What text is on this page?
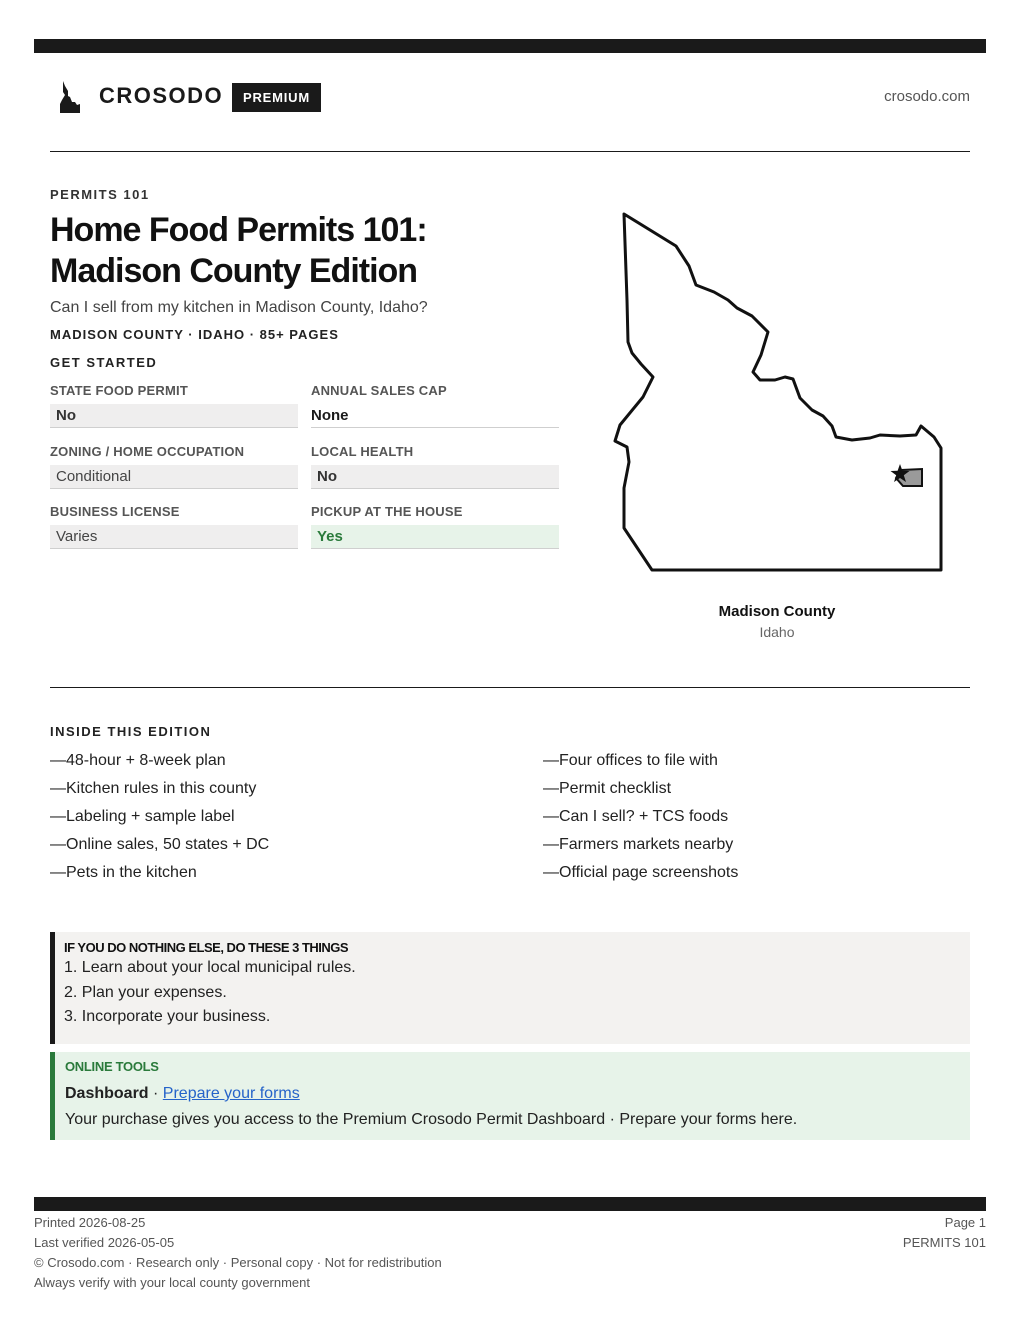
CROSODO	PREMIUM	crosodo.com
PERMITS 101
Home Food Permits 101:
Madison County Edition
Can I sell from my kitchen in Madison County, Idaho?
MADISON COUNTY · IDAHO · 85+ PAGES
GET STARTED
STATE FOOD PERMIT
No
ANNUAL SALES CAP
None
ZONING / HOME OCCUPATION
Conditional
LOCAL HEALTH
No
BUSINESS LICENSE
Varies
PICKUP AT THE HOUSE
Yes
Madison County
Idaho
INSIDE THIS EDITION
—48-hour + 8-week plan
—Kitchen rules in this county
—Labeling + sample label
—Online sales, 50 states + DC
—Pets in the kitchen
—Four offices to file with
—Permit checklist
—Can I sell? + TCS foods
—Farmers markets nearby
—Official page screenshots
IF YOU DO NOTHING ELSE, DO THESE 3 THINGS
1. Learn about your local municipal rules.
2. Plan your expenses.
3. Incorporate your business.
ONLINE TOOLS
Dashboard · Prepare your forms
Your purchase gives you access to the Premium Crosodo Permit Dashboard · Prepare your forms here.
Printed 2026-08-25
Last verified 2026-05-05
© Crosodo.com · Research only · Personal copy · Not for redistribution
Always verify with your local county government
Page 1
PERMITS 101
